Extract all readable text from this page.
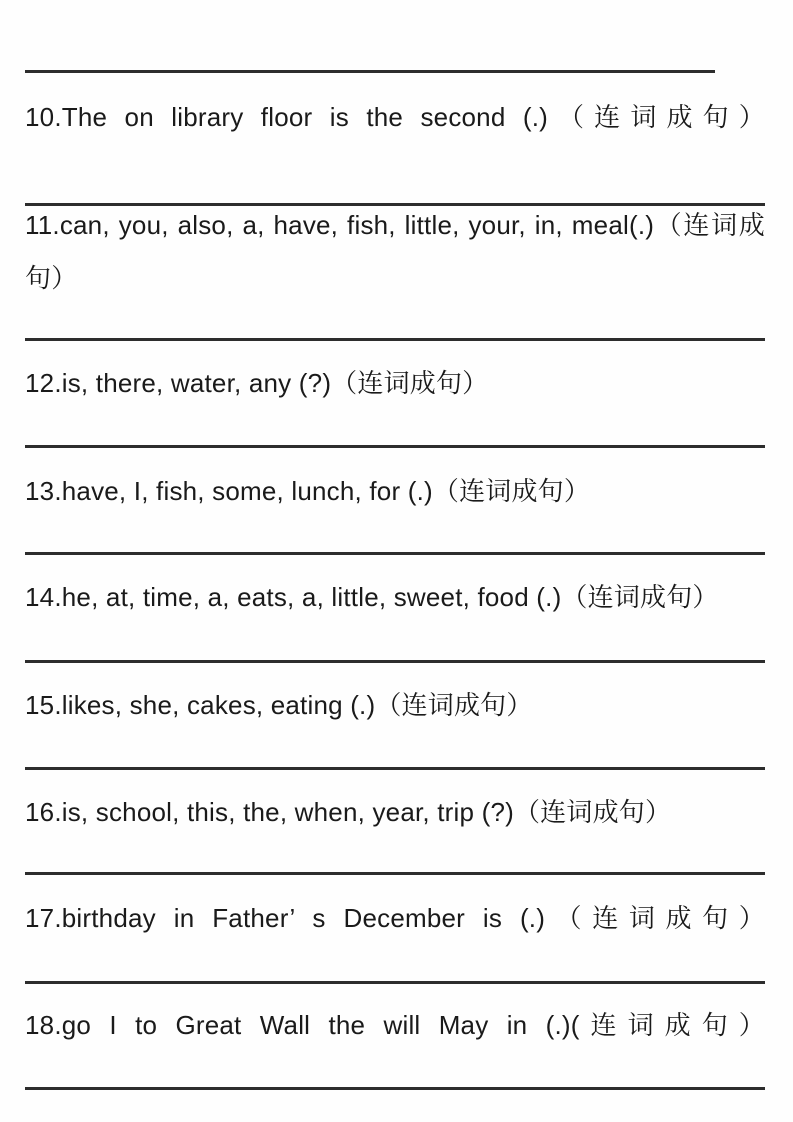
10.The on library floor is the second (.)（连词成句）

11.can, you, also, a, have, fish, little, your, in, meal(.)（连词成句）

12.is, there, water, any (?)（连词成句）

13.have, I, fish, some, lunch, for (.)（连词成句）

14.he, at, time, a, eats, a, little, sweet, food (.)（连词成句）

15.likes, she, cakes, eating (.)（连词成句）

16.is, school, this, the, when, year, trip (?)（连词成句）

17.birthday in Father’ s December is (.)（连词成句）

18.go I to Great Wall the will May in (.)(连词成句）
